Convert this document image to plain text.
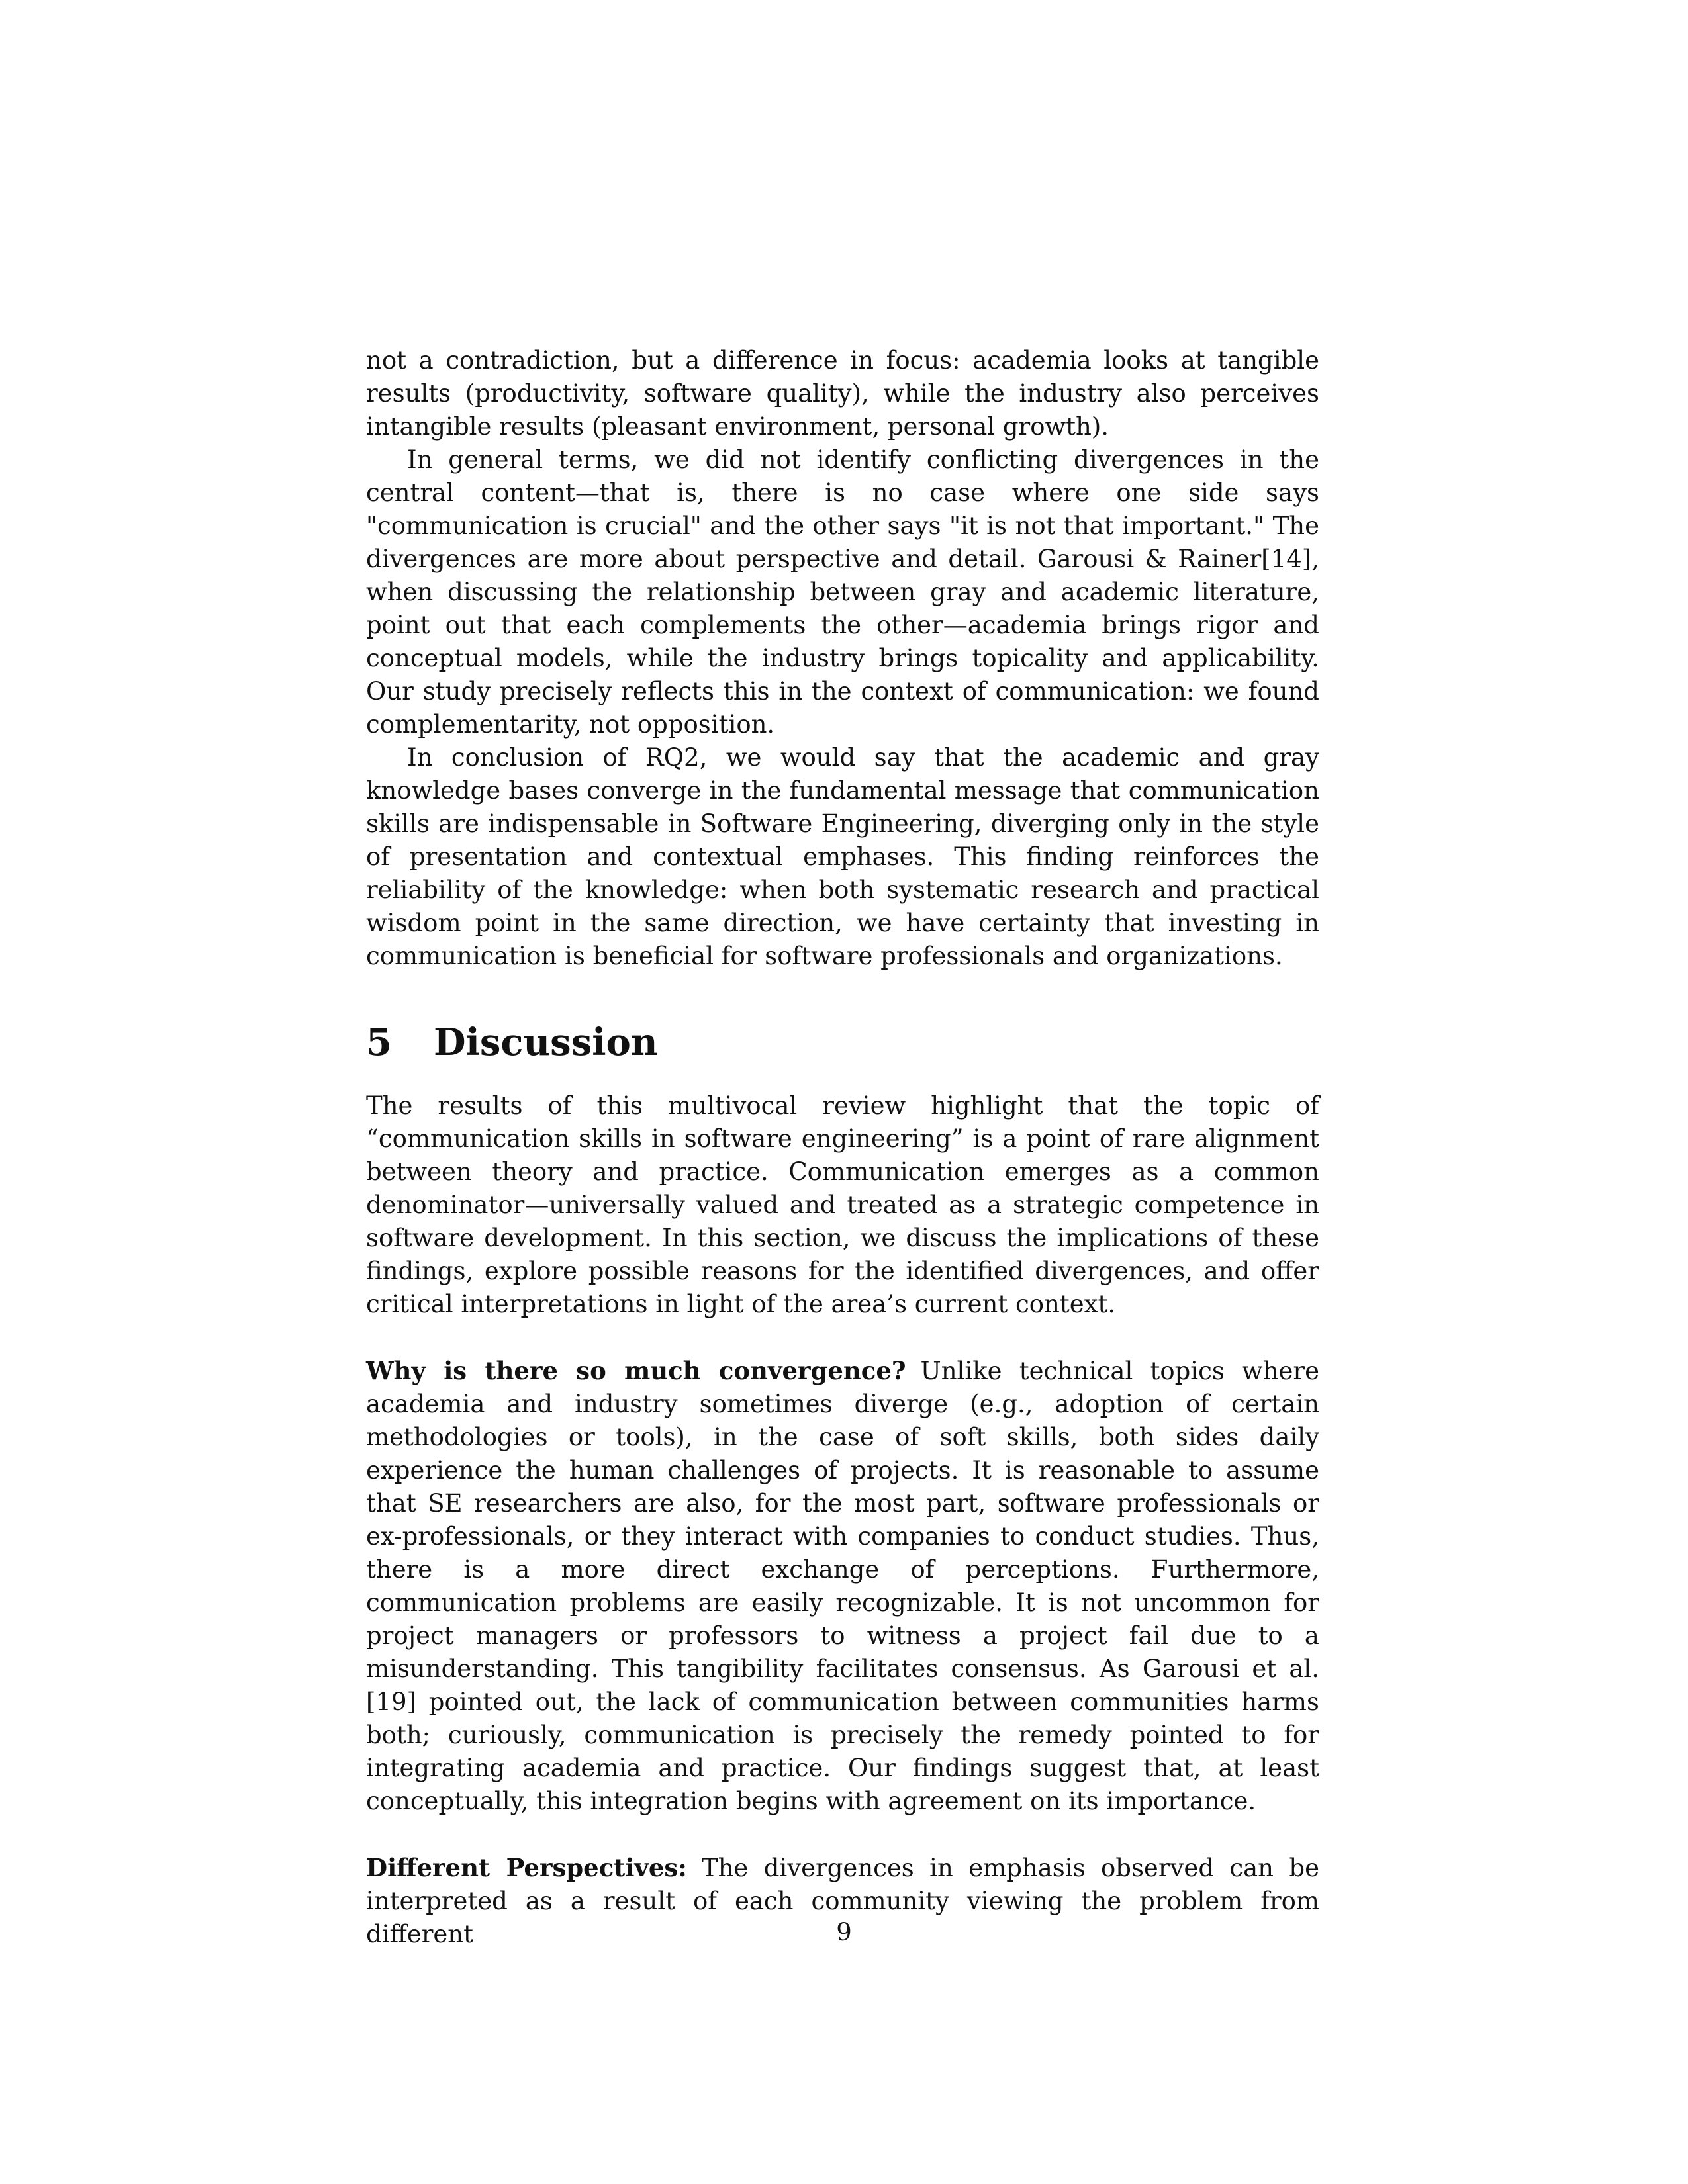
not a contradiction, but a difference in focus: academia looks at tangible results (productivity, software quality), while the industry also perceives intangible results (pleasant environment, personal growth).

In general terms, we did not identify conflicting divergences in the central content—that is, there is no case where one side says "communication is crucial" and the other says "it is not that important." The divergences are more about perspective and detail. Garousi & Rainer[14], when discussing the relationship between gray and academic literature, point out that each complements the other—academia brings rigor and conceptual models, while the industry brings topicality and applicability. Our study precisely reflects this in the context of communication: we found complementarity, not opposition.

In conclusion of RQ2, we would say that the academic and gray knowledge bases converge in the fundamental message that communication skills are indispensable in Software Engineering, diverging only in the style of presentation and contextual emphases. This finding reinforces the reliability of the knowledge: when both systematic research and practical wisdom point in the same direction, we have certainty that investing in communication is beneficial for software professionals and organizations.

5 Discussion

The results of this multivocal review highlight that the topic of “communication skills in software engineering” is a point of rare alignment between theory and practice. Communication emerges as a common denominator—universally valued and treated as a strategic competence in software development. In this section, we discuss the implications of these findings, explore possible reasons for the identified divergences, and offer critical interpretations in light of the area’s current context.

Why is there so much convergence? Unlike technical topics where academia and industry sometimes diverge (e.g., adoption of certain methodologies or tools), in the case of soft skills, both sides daily experience the human challenges of projects. It is reasonable to assume that SE researchers are also, for the most part, software professionals or ex-professionals, or they interact with companies to conduct studies. Thus, there is a more direct exchange of perceptions. Furthermore, communication problems are easily recognizable. It is not uncommon for project managers or professors to witness a project fail due to a misunderstanding. This tangibility facilitates consensus. As Garousi et al.[19] pointed out, the lack of communication between communities harms both; curiously, communication is precisely the remedy pointed to for integrating academia and practice. Our findings suggest that, at least conceptually, this integration begins with agreement on its importance.

Different Perspectives: The divergences in emphasis observed can be interpreted as a result of each community viewing the problem from different	9
